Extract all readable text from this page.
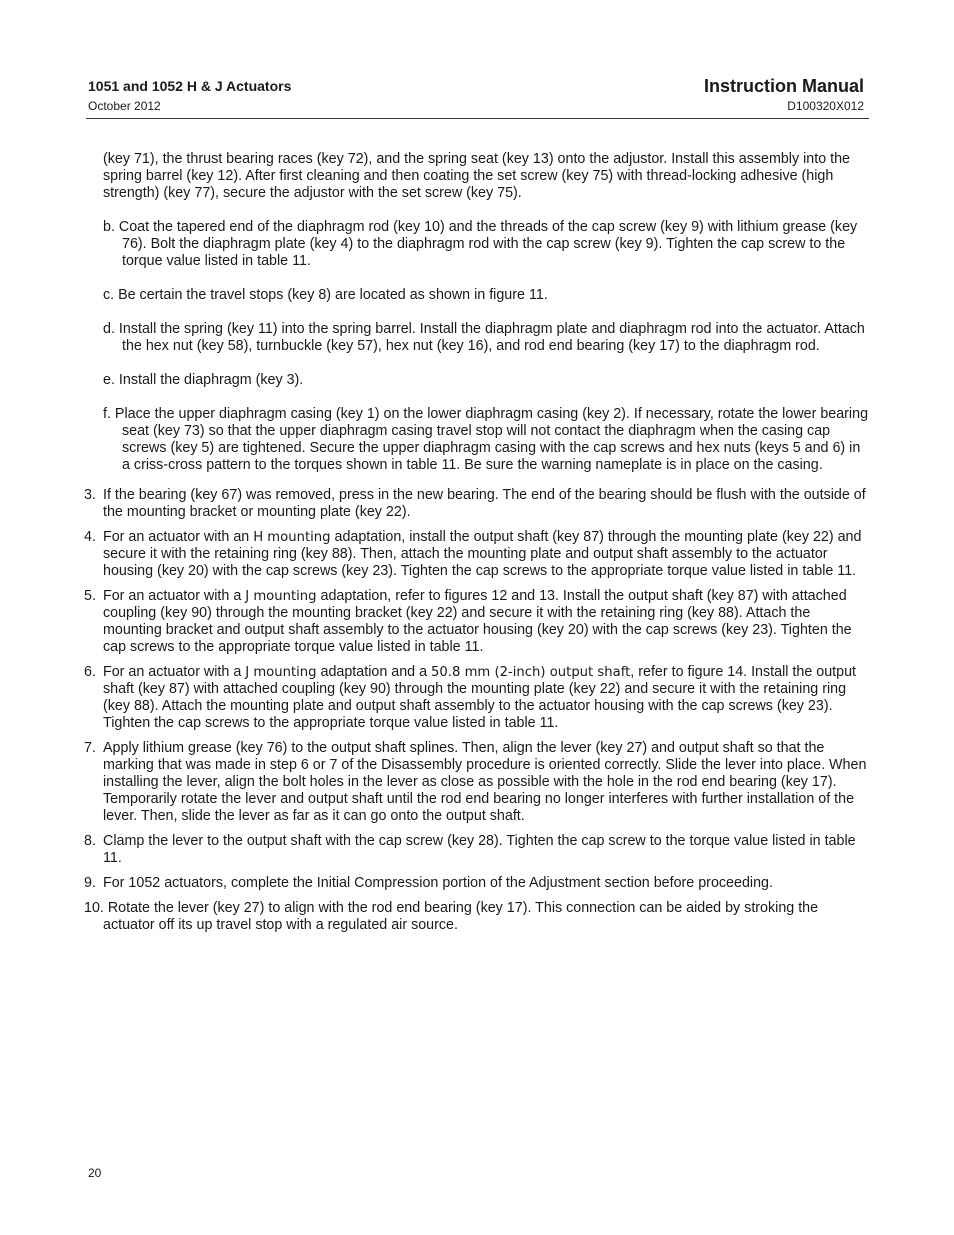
1051 and 1052 H & J Actuators
October 2012
Instruction Manual
D100320X012

(key 71), the thrust bearing races (key 72), and the spring seat (key 13) onto the adjustor. Install this assembly into the spring barrel (key 12). After first cleaning and then coating the set screw (key 75) with thread-locking adhesive (high strength) (key 77), secure the adjustor with the set screw (key 75).

b. Coat the tapered end of the diaphragm rod (key 10) and the threads of the cap screw (key 9) with lithium grease (key 76). Bolt the diaphragm plate (key 4) to the diaphragm rod with the cap screw (key 9). Tighten the cap screw to the torque value listed in table 11.

c. Be certain the travel stops (key 8) are located as shown in figure 11.

d. Install the spring (key 11) into the spring barrel. Install the diaphragm plate and diaphragm rod into the actuator. Attach the hex nut (key 58), turnbuckle (key 57), hex nut (key 16), and rod end bearing (key 17) to the diaphragm rod.

e. Install the diaphragm (key 3).

f. Place the upper diaphragm casing (key 1) on the lower diaphragm casing (key 2). If necessary, rotate the lower bearing seat (key 73) so that the upper diaphragm casing travel stop will not contact the diaphragm when the casing cap screws (key 5) are tightened. Secure the upper diaphragm casing with the cap screws and hex nuts (keys 5 and 6) in a criss-cross pattern to the torques shown in table 11. Be sure the warning nameplate is in place on the casing.

3. If the bearing (key 67) was removed, press in the new bearing. The end of the bearing should be flush with the outside of the mounting bracket or mounting plate (key 22).
4. For an actuator with an H mounting adaptation, install the output shaft (key 87) through the mounting plate (key 22) and secure it with the retaining ring (key 88). Then, attach the mounting plate and output shaft assembly to the actuator housing (key 20) with the cap screws (key 23). Tighten the cap screws to the appropriate torque value listed in table 11.
5. For an actuator with a J mounting adaptation, refer to figures 12 and 13. Install the output shaft (key 87) with attached coupling (key 90) through the mounting bracket (key 22) and secure it with the retaining ring (key 88). Attach the mounting bracket and output shaft assembly to the actuator housing (key 20) with the cap screws (key 23). Tighten the cap screws to the appropriate torque value listed in table 11.
6. For an actuator with a J mounting adaptation and a 50.8 mm (2-inch) output shaft, refer to figure 14. Install the output shaft (key 87) with attached coupling (key 90) through the mounting plate (key 22) and secure it with the retaining ring (key 88). Attach the mounting plate and output shaft assembly to the actuator housing with the cap screws (key 23). Tighten the cap screws to the appropriate torque value listed in table 11.
7. Apply lithium grease (key 76) to the output shaft splines. Then, align the lever (key 27) and output shaft so that the marking that was made in step 6 or 7 of the Disassembly procedure is oriented correctly. Slide the lever into place. When installing the lever, align the bolt holes in the lever as close as possible with the hole in the rod end bearing (key 17). Temporarily rotate the lever and output shaft until the rod end bearing no longer interferes with further installation of the lever. Then, slide the lever as far as it can go onto the output shaft.
8. Clamp the lever to the output shaft with the cap screw (key 28). Tighten the cap screw to the torque value listed in table 11.
9. For 1052 actuators, complete the Initial Compression portion of the Adjustment section before proceeding.
10. Rotate the lever (key 27) to align with the rod end bearing (key 17). This connection can be aided by stroking the actuator off its up travel stop with a regulated air source.
20
